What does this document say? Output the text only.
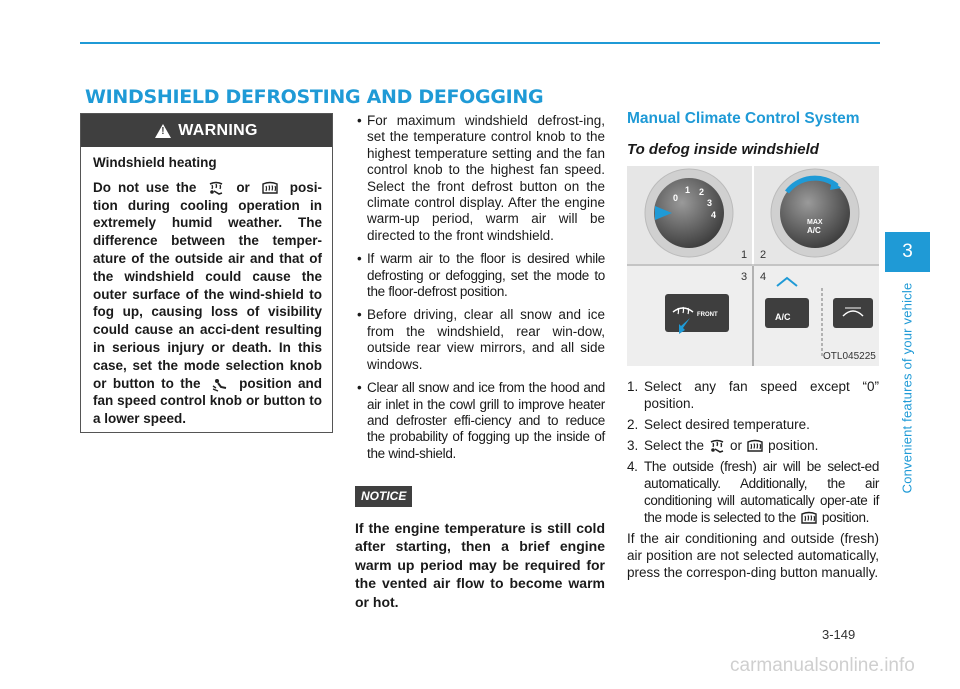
WINDSHIELD DEFROSTING AND DEFOGGING
!
WARNING
Windshield heating

Do not use the	or	posi-tion during cooling operation in extremely humid weather. The difference between the temper-ature of the outside air and that of the windshield could cause the outer surface of the wind-shield to fog up, causing loss of visibility could cause an acci-dent resulting in serious injury or death. In this case, set the mode selection knob or button to the	position and fan speed control knob or button to a lower speed.

• For maximum windshield defrost-ing, set the temperature control knob to the highest temperature setting and the fan control knob to the highest fan speed. Select the front defrost button on the climate control display. After the engine warm-up period, warm air will be directed to the front windshield.
• If warm air to the floor is desired while defrosting or defogging, set the mode to the floor-defrost position.
• Before driving, clear all snow and ice from the windshield, rear win-dow, outside rear view mirrors, and all side windows.
• Clear all snow and ice from the hood and air inlet in the cowl grill to improve heater and defroster effi-ciency and to reduce the probability of fogging up the inside of the wind-shield.
NOTICE
If the engine temperature is still cold after starting, then a brief engine warm up period may be required for the vented air flow to become warm or hot.
Manual Climate Control System
To defog inside windshield
0
1 2
3
4
MAX
A/C
1 2
3 4
FRONT	A/C
OTL045225
1. Select any fan speed except “0” position.
2. Select desired temperature.
3. Select the or position.
4. The outside (fresh) air will be select-ed automatically. Additionally, the air conditioning will automatically oper-ate if the mode is selected to the position.

If the air conditioning and outside (fresh) air position are not selected automatically, press the correspon-ding button manually.

3
Convenient features of your vehicle
3-149
carmanualsonline.info
